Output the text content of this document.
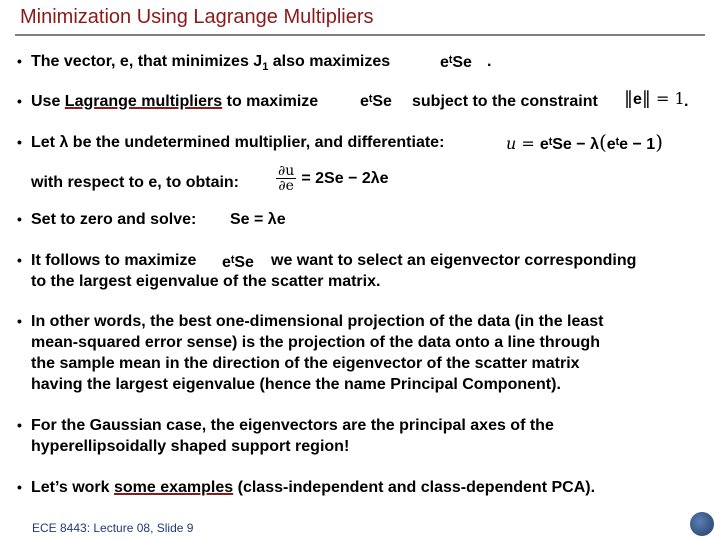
Minimization Using Lagrange Multipliers
• The vector, e, that minimizes $J_1$ also maximizes	eᵗSe .
• Use Lagrange multipliers to maximize	eᵗSe subject to the constraint ‖e‖ = 1 .
• Let λ be the undetermined multiplier, and differentiate:	u = eᵗSe − λ(eᵗe − 1)
with respect to e, to obtain:	$\frac{\partial u}{\partial e} = 2Se - 2\lambda e$
• Set to zero and solve: Se = λe
• It follows to maximize eᵗSe we want to select an eigenvector corresponding
to the largest eigenvalue of the scatter matrix.
• In other words, the best one-dimensional projection of the data (in the least
mean-squared error sense) is the projection of the data onto a line through
the sample mean in the direction of the eigenvector of the scatter matrix
having the largest eigenvalue (hence the name Principal Component).
• For the Gaussian case, the eigenvectors are the principal axes of the
hyperellipsoidally shaped support region!
• Let’s work some examples (class-independent and class-dependent PCA).
ECE 8443: Lecture 08, Slide 9
